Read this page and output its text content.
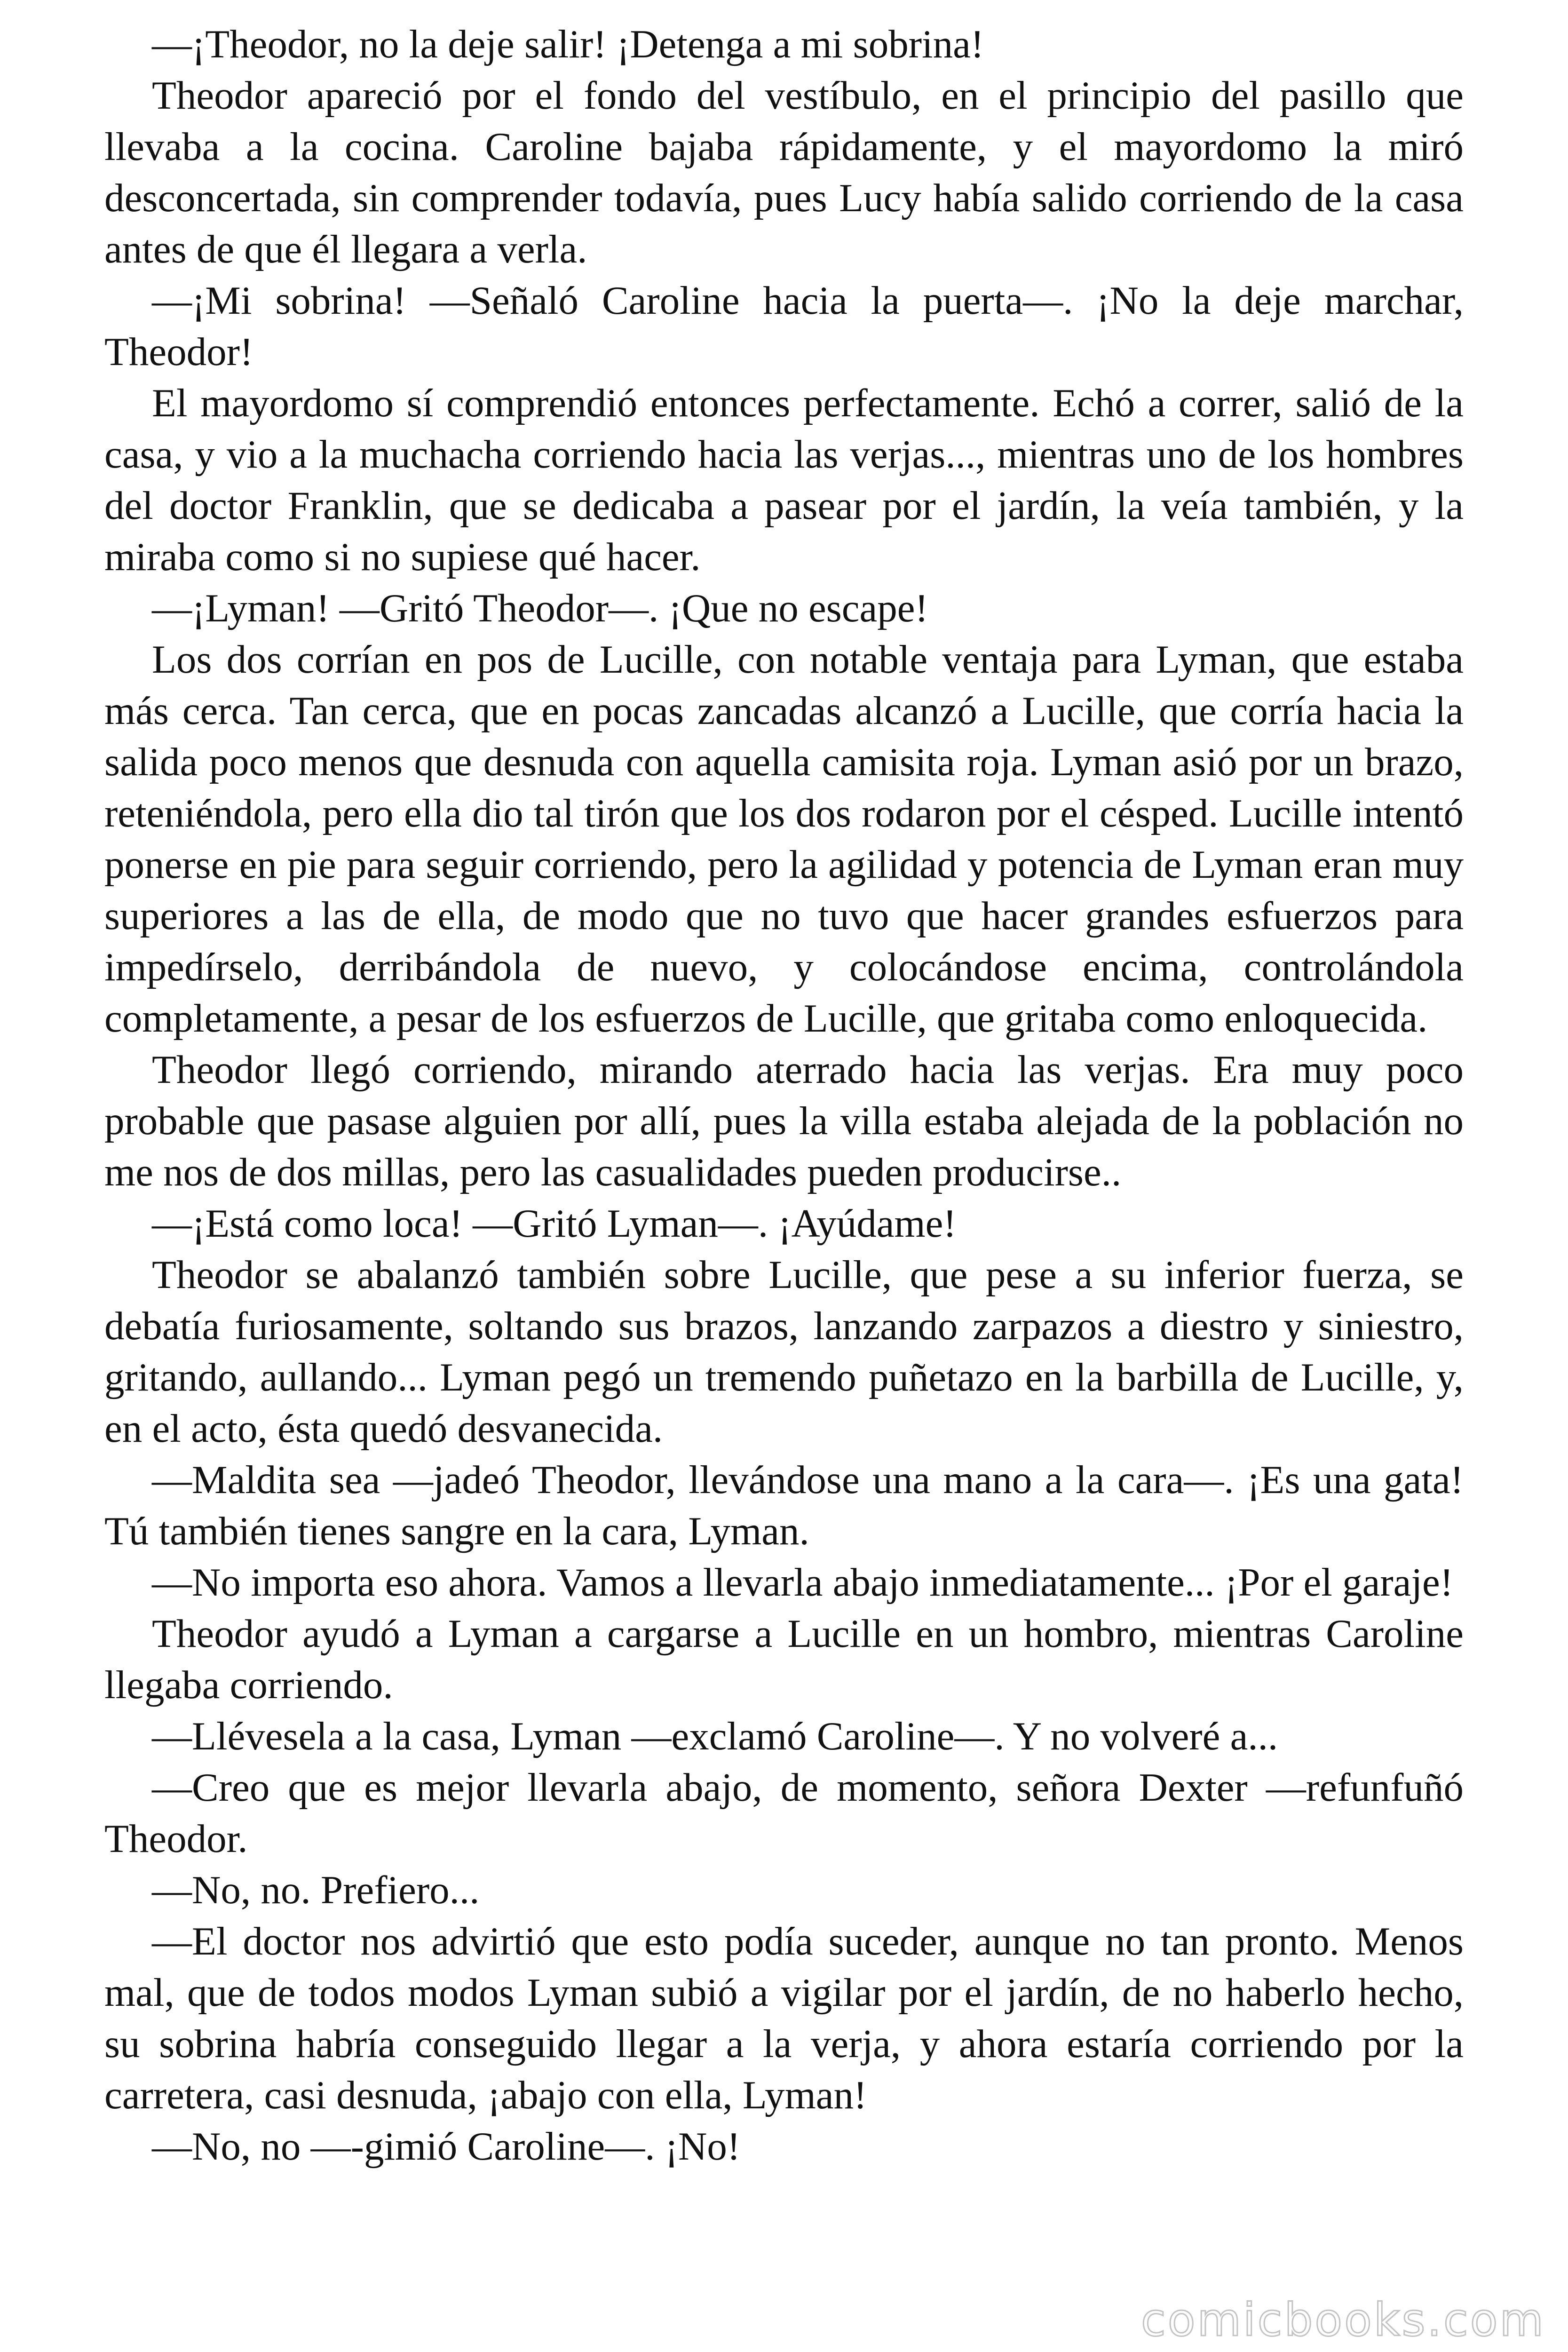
—¡Theodor, no la deje salir! ¡Detenga a mi sobrina!

Theodor apareció por el fondo del vestíbulo, en el principio del pasillo que llevaba a la cocina. Caroline bajaba rápidamente, y el mayordomo la miró desconcertada, sin comprender todavía, pues Lucy había salido corriendo de la casa antes de que él llegara a verla.

—¡Mi sobrina! —Señaló Caroline hacia la puerta—. ¡No la deje marchar, Theodor!

El mayordomo sí comprendió entonces perfectamente. Echó a correr, salió de la casa, y vio a la muchacha corriendo hacia las verjas..., mientras uno de los hombres del doctor Franklin, que se dedicaba a pasear por el jardín, la veía también, y la miraba como si no supiese qué hacer.

—¡Lyman! —Gritó Theodor—. ¡Que no escape!

Los dos corrían en pos de Lucille, con notable ventaja para Lyman, que estaba más cerca. Tan cerca, que en pocas zancadas alcanzó a Lucille, que corría hacia la salida poco menos que desnuda con aquella camisita roja. Lyman asió por un brazo, reteniéndola, pero ella dio tal tirón que los dos rodaron por el césped. Lucille intentó ponerse en pie para seguir corriendo, pero la agilidad y potencia de Lyman eran muy superiores a las de ella, de modo que no tuvo que hacer grandes esfuerzos para impedírselo, derribándola de nuevo, y colocándose encima, controlándola completamente, a pesar de los esfuerzos de Lucille, que gritaba como enloquecida.

Theodor llegó corriendo, mirando aterrado hacia las verjas. Era muy poco probable que pasase alguien por allí, pues la villa estaba alejada de la población no me nos de dos millas, pero las casualidades pueden producirse..

—¡Está como loca! —Gritó Lyman—. ¡Ayúdame!

Theodor se abalanzó también sobre Lucille, que pese a su inferior fuerza, se debatía furiosamente, soltando sus brazos, lanzando zarpazos a diestro y siniestro, gritando, aullando... Lyman pegó un tremendo puñetazo en la barbilla de Lucille, y, en el acto, ésta quedó desvanecida.

—Maldita sea —jadeó Theodor, llevándose una mano a la cara—. ¡Es una gata! Tú también tienes sangre en la cara, Lyman.

—No importa eso ahora. Vamos a llevarla abajo inmediatamente... ¡Por el garaje!

Theodor ayudó a Lyman a cargarse a Lucille en un hombro, mientras Caroline llegaba corriendo.

—Llévesela a la casa, Lyman —exclamó Caroline—. Y no volveré a...

—Creo que es mejor llevarla abajo, de momento, señora Dexter —refunfuñó Theodor.

—No, no. Prefiero...

—El doctor nos advirtió que esto podía suceder, aunque no tan pronto. Menos mal, que de todos modos Lyman subió a vigilar por el jardín, de no haberlo hecho, su sobrina habría conseguido llegar a la verja, y ahora estaría corriendo por la carretera, casi desnuda, ¡abajo con ella, Lyman!

—No, no —-gimió Caroline—. ¡No!

comicbooks.com
